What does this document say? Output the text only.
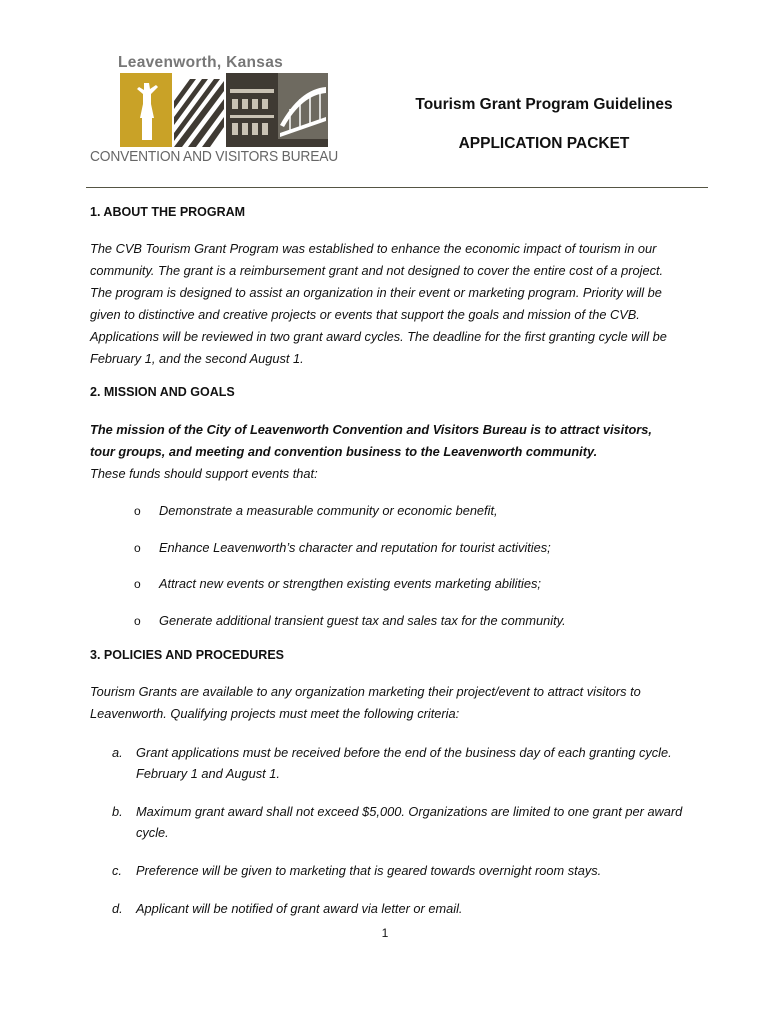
Leavenworth, Kansas
CONVENTION AND VISITORS BUREAU
Tourism Grant Program Guidelines
APPLICATION PACKET
1. ABOUT THE PROGRAM

The CVB Tourism Grant Program was established to enhance the economic impact of tourism in our community. The grant is a reimbursement grant and not designed to cover the entire cost of a project. The program is designed to assist an organization in their event or marketing program. Priority will be given to distinctive and creative projects or events that support the goals and mission of the CVB. Applications will be reviewed in two grant award cycles. The deadline for the first granting cycle will be February 1, and the second August 1.

2. MISSION AND GOALS

The mission of the City of Leavenworth Convention and Visitors Bureau is to attract visitors, tour groups, and meeting and convention business to the Leavenworth community.
These funds should support events that:

o Demonstrate a measurable community or economic benefit,
o Enhance Leavenworth’s character and reputation for tourist activities;
o Attract new events or strengthen existing events marketing abilities;
o Generate additional transient guest tax and sales tax for the community.
3. POLICIES AND PROCEDURES

Tourism Grants are available to any organization marketing their project/event to attract visitors to Leavenworth. Qualifying projects must meet the following criteria:

a. Grant applications must be received before the end of the business day of each granting cycle. February 1 and August 1.
b. Maximum grant award shall not exceed $5,000. Organizations are limited to one grant per award cycle.
c. Preference will be given to marketing that is geared towards overnight room stays.
d. Applicant will be notified of grant award via letter or email.
1
